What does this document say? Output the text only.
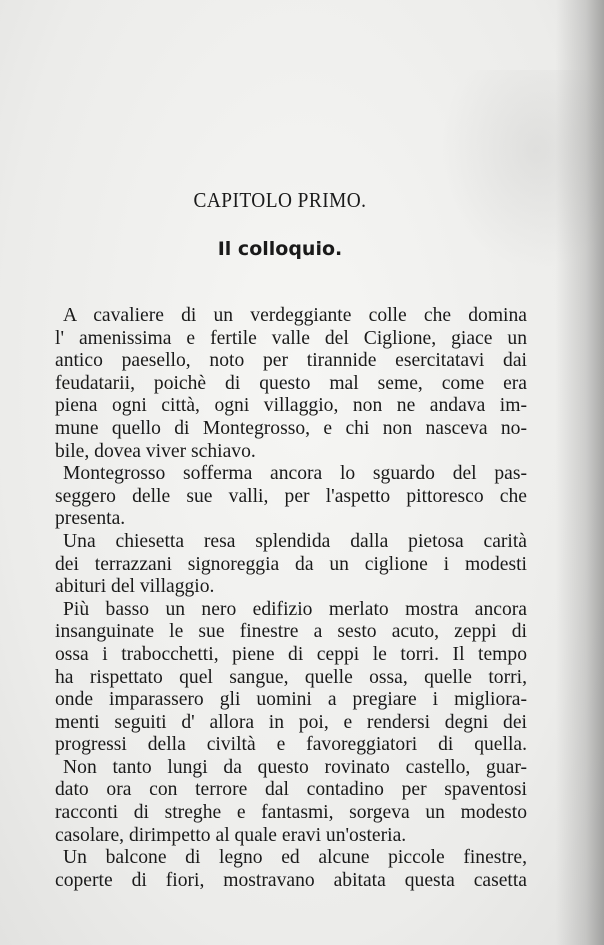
CAPITOLO PRIMO.
Il colloquio.
A cavaliere di un verdeggiante colle che domina
l' amenissima e fertile valle del Ciglione, giace un
antico paesello, noto per tirannide esercitatavi dai
feudatarii, poichè di questo mal seme, come era
piena ogni città, ogni villaggio, non ne andava im-
mune quello di Montegrosso, e chi non nasceva no-
bile, dovea viver schiavo.
Montegrosso sofferma ancora lo sguardo del pas-
seggero delle sue valli, per l'aspetto pittoresco che
presenta.
Una chiesetta resa splendida dalla pietosa carità
dei terrazzani signoreggia da un ciglione i modesti
abituri del villaggio.
Più basso un nero edifizio merlato mostra ancora
insanguinate le sue finestre a sesto acuto, zeppi di
ossa i trabocchetti, piene di ceppi le torri. Il tempo
ha rispettato quel sangue, quelle ossa, quelle torri,
onde imparassero gli uomini a pregiare i migliora-
menti seguiti d' allora in poi, e rendersi degni dei
progressi della civiltà e favoreggiatori di quella.
Non tanto lungi da questo rovinato castello, guar-
dato ora con terrore dal contadino per spaventosi
racconti di streghe e fantasmi, sorgeva un modesto
casolare, dirimpetto al quale eravi un'osteria.
Un balcone di legno ed alcune piccole finestre,
coperte di fiori, mostravano abitata questa casetta
